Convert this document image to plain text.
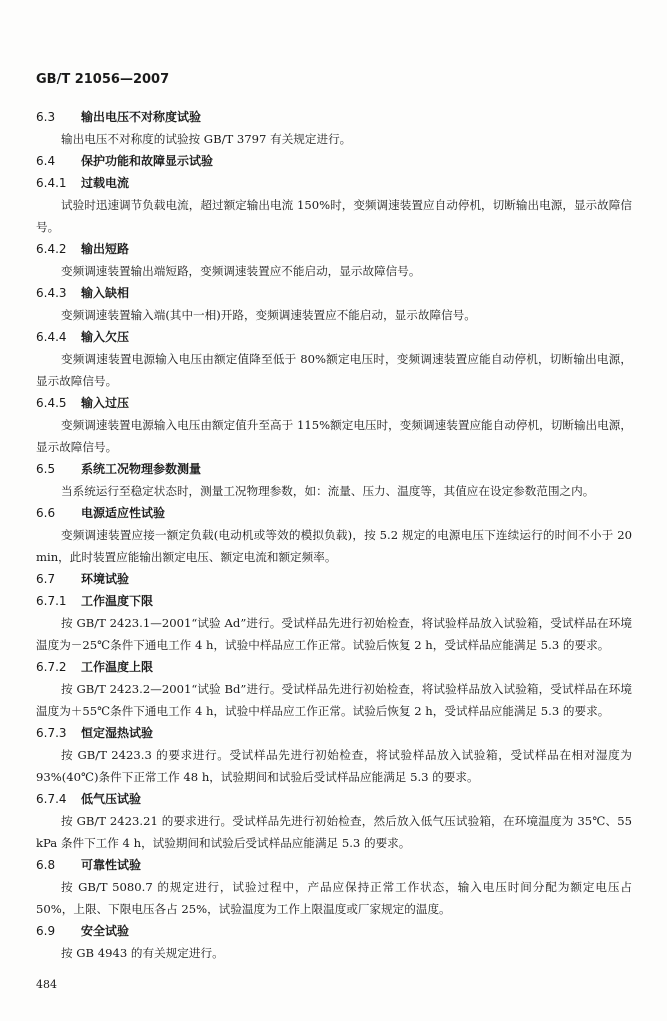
GB/T 21056—2007
6.3 输出电压不对称度试验

输出电压不对称度的试验按 GB/T 3797 有关规定进行。

6.4 保护功能和故障显示试验
6.4.1 过载电流

试验时迅速调节负载电流，超过额定输出电流 150%时，变频调速装置应自动停机，切断输出电源，显示故障信号。

6.4.2 输出短路

变频调速装置输出端短路，变频调速装置应不能启动，显示故障信号。

6.4.3 输入缺相

变频调速装置输入端(其中一相)开路，变频调速装置应不能启动，显示故障信号。

6.4.4 输入欠压

变频调速装置电源输入电压由额定值降至低于 80%额定电压时，变频调速装置应能自动停机，切断输出电源，显示故障信号。

6.4.5 输入过压

变频调速装置电源输入电压由额定值升至高于 115%额定电压时，变频调速装置应能自动停机，切断输出电源，显示故障信号。

6.5 系统工况物理参数测量

当系统运行至稳定状态时，测量工况物理参数，如：流量、压力、温度等，其值应在设定参数范围之内。

6.6 电源适应性试验

变频调速装置应接一额定负载(电动机或等效的模拟负载)，按 5.2 规定的电源电压下连续运行的时间不小于 20 min，此时装置应能输出额定电压、额定电流和额定频率。

6.7 环境试验
6.7.1 工作温度下限

按 GB/T 2423.1—2001“试验 Ad”进行。受试样品先进行初始检查，将试验样品放入试验箱，受试样品在环境温度为－25℃条件下通电工作 4 h，试验中样品应工作正常。试验后恢复 2 h，受试样品应能满足 5.3 的要求。

6.7.2 工作温度上限

按 GB/T 2423.2—2001“试验 Bd”进行。受试样品先进行初始检查，将试验样品放入试验箱，受试样品在环境温度为＋55℃条件下通电工作 4 h，试验中样品应工作正常。试验后恢复 2 h，受试样品应能满足 5.3 的要求。

6.7.3 恒定湿热试验

按 GB/T 2423.3 的要求进行。受试样品先进行初始检查，将试验样品放入试验箱，受试样品在相对湿度为 93%(40℃)条件下正常工作 48 h，试验期间和试验后受试样品应能满足 5.3 的要求。

6.7.4 低气压试验

按 GB/T 2423.21 的要求进行。受试样品先进行初始检查，然后放入低气压试验箱，在环境温度为 35℃、55 kPa 条件下工作 4 h，试验期间和试验后受试样品应能满足 5.3 的要求。

6.8 可靠性试验

按 GB/T 5080.7 的规定进行，试验过程中，产品应保持正常工作状态，输入电压时间分配为额定电压占 50%，上限、下限电压各占 25%，试验温度为工作上限温度或厂家规定的温度。

6.9 安全试验

按 GB 4943 的有关规定进行。

484
